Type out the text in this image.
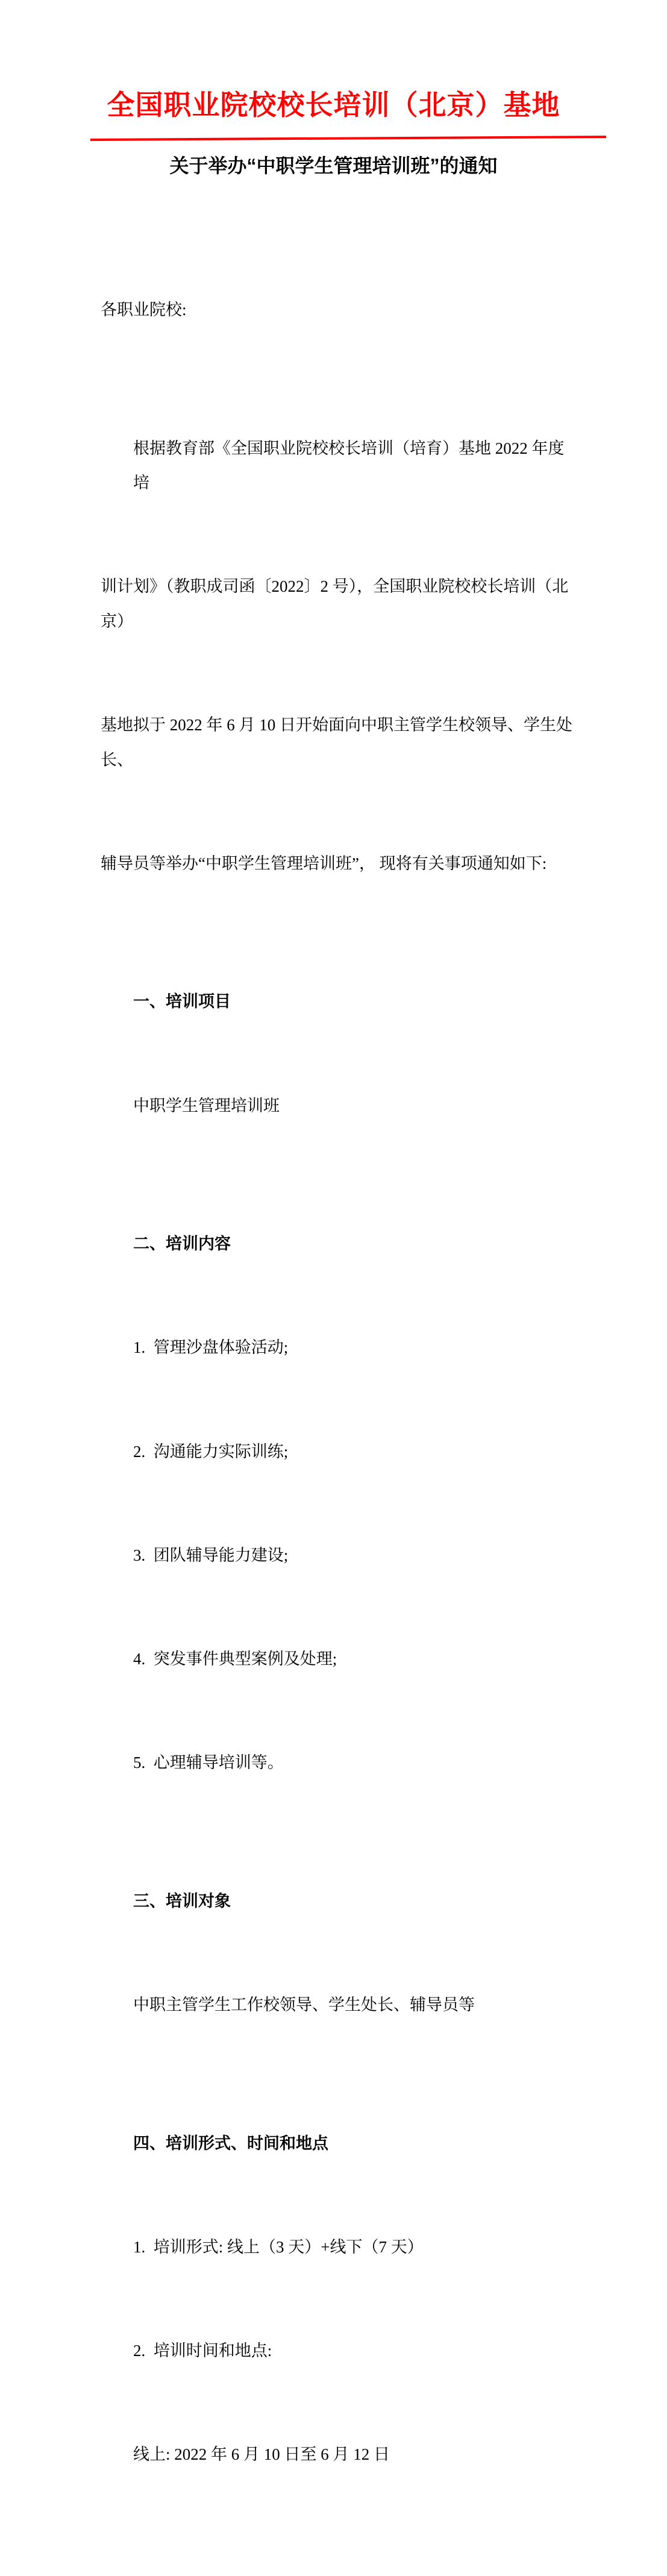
全国职业院校校长培训（北京）基地
关于举办“中职学生管理培训班”的通知

各职业院校:

根据教育部《全国职业院校校长培训（培育）基地 2022 年度培

训计划》（教职成司函〔2022〕2 号），全国职业院校校长培训（北京）

基地拟于 2022 年 6 月 10 日开始面向中职主管学生校领导、学生处长、

辅导员等举办“中职学生管理培训班”， 现将有关事项通知如下:

一、培训项目

中职学生管理培训班

二、培训内容

1.  管理沙盘体验活动;

2.  沟通能力实际训练;

3.  团队辅导能力建设;

4.  突发事件典型案例及处理;

5.  心理辅导培训等。

三、培训对象

中职主管学生工作校领导、学生处长、辅导员等

四、培训形式、时间和地点

1.  培训形式: 线上（3 天）+线下（7 天）

2.  培训时间和地点:

线上: 2022 年 6 月 10 日至 6 月 12 日
